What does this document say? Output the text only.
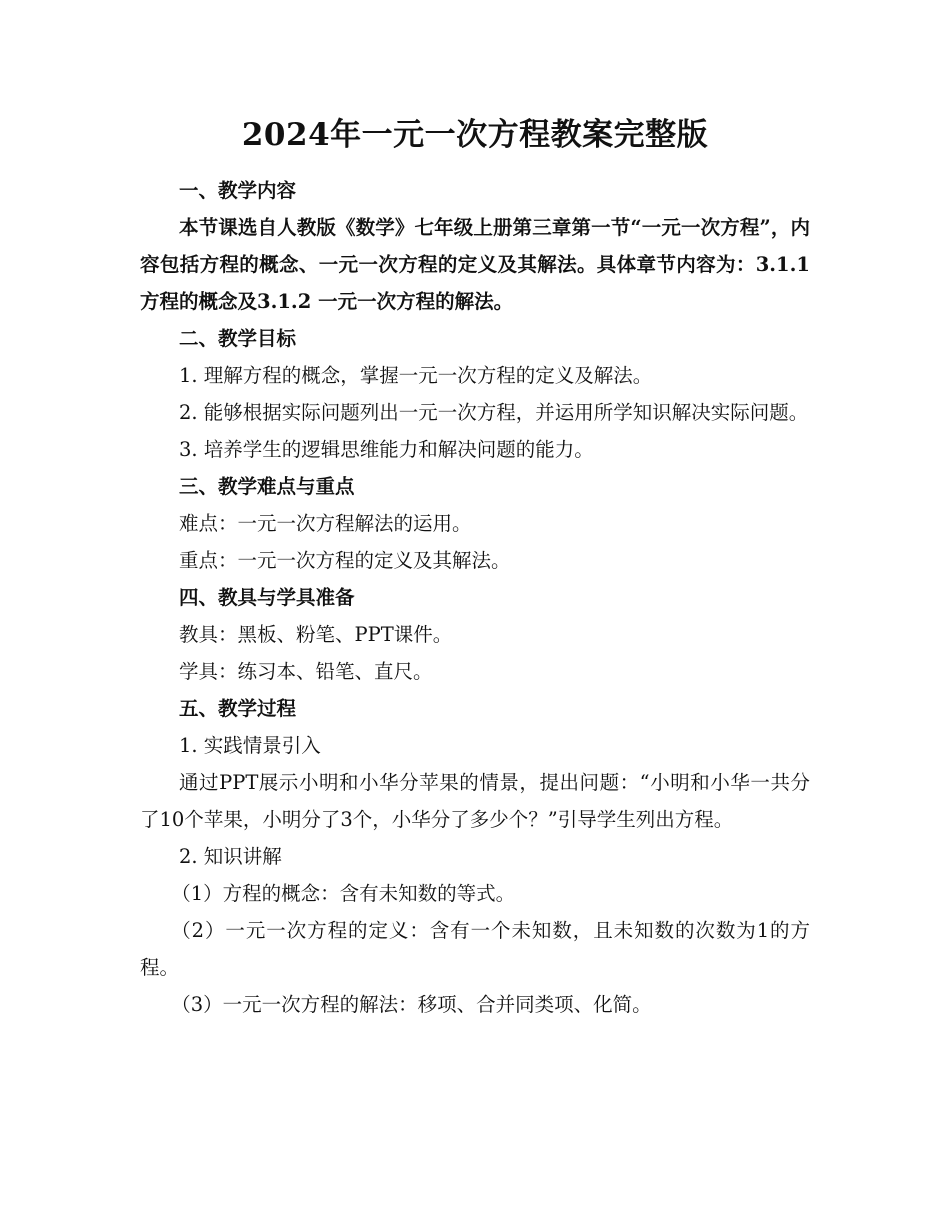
2024年一元一次方程教案完整版

一、教学内容

本节课选自人教版《数学》七年级上册第三章第一节“一元一次方程”，内容包括方程的概念、一元一次方程的定义及其解法。具体章节内容为：3.1.1 方程的概念及3.1.2 一元一次方程的解法。

二、教学目标

1. 理解方程的概念，掌握一元一次方程的定义及解法。

2. 能够根据实际问题列出一元一次方程，并运用所学知识解决实际问题。

3. 培养学生的逻辑思维能力和解决问题的能力。

三、教学难点与重点

难点：一元一次方程解法的运用。

重点：一元一次方程的定义及其解法。

四、教具与学具准备

教具：黑板、粉笔、PPT课件。

学具：练习本、铅笔、直尺。

五、教学过程

1. 实践情景引入

通过PPT展示小明和小华分苹果的情景，提出问题：“小明和小华一共分了10个苹果，小明分了3个，小华分了多少个？”引导学生列出方程。

2. 知识讲解

（1）方程的概念：含有未知数的等式。

（2）一元一次方程的定义：含有一个未知数，且未知数的次数为1的方程。

（3）一元一次方程的解法：移项、合并同类项、化简。
